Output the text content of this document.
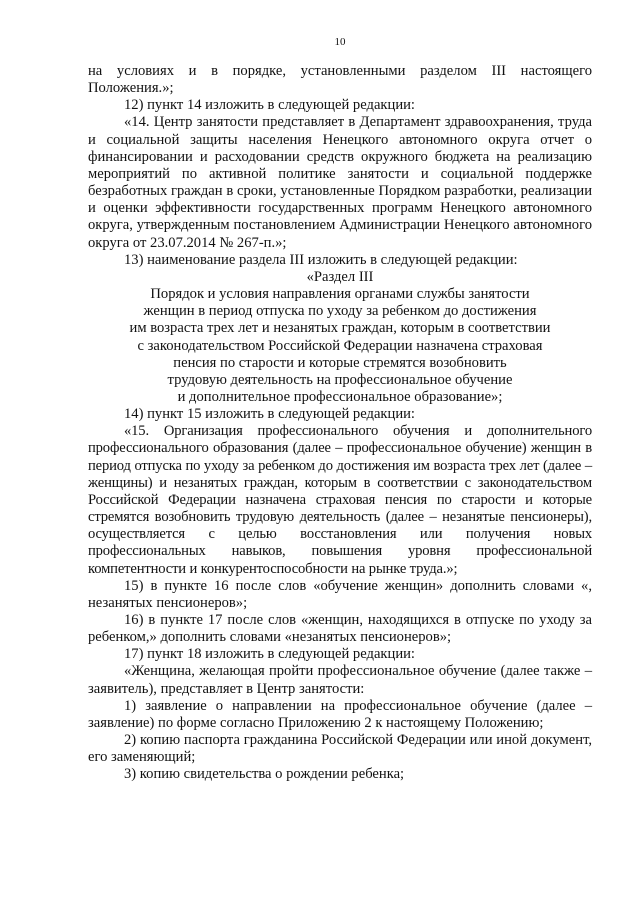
10

на условиях и в порядке, установленными разделом III настоящего Положения.»;

12) пункт 14 изложить в следующей редакции:

«14. Центр занятости представляет в Департамент здравоохранения, труда и социальной защиты населения Ненецкого автономного округа отчет о финансировании и расходовании средств окружного бюджета на реализацию мероприятий по активной политике занятости и социальной поддержке безработных граждан в сроки, установленные Порядком разработки, реализации и оценки эффективности государственных программ Ненецкого автономного округа, утвержденным постановлением Администрации Ненецкого автономного округа от 23.07.2014 № 267-п.»;

13) наименование раздела III изложить в следующей редакции:

«Раздел III

Порядок и условия направления органами службы занятости

женщин в период отпуска по уходу за ребенком до достижения

им возраста трех лет и незанятых граждан, которым в соответствии

с законодательством Российской Федерации назначена страховая

пенсия по старости и которые стремятся возобновить

трудовую деятельность на профессиональное обучение

и дополнительное профессиональное образование»;

14) пункт 15 изложить в следующей редакции:

«15. Организация профессионального обучения и дополнительного профессионального образования (далее – профессиональное обучение) женщин в период отпуска по уходу за ребенком до достижения им возраста трех лет (далее – женщины) и незанятых граждан, которым в соответствии с законодательством Российской Федерации назначена страховая пенсия по старости и которые стремятся возобновить трудовую деятельность (далее – незанятые пенсионеры), осуществляется с целью восстановления или получения новых профессиональных навыков, повышения уровня профессиональной компетентности и конкурентоспособности на рынке труда.»;

15) в пункте 16 после слов «обучение женщин» дополнить словами «, незанятых пенсионеров»;

16) в пункте 17 после слов «женщин, находящихся в отпуске по уходу за ребенком,» дополнить словами «незанятых пенсионеров»;

17) пункт 18 изложить в следующей редакции:

«Женщина, желающая пройти профессиональное обучение (далее также – заявитель), представляет в Центр занятости:

1) заявление о направлении на профессиональное обучение (далее – заявление) по форме согласно Приложению 2 к настоящему Положению;

2) копию паспорта гражданина Российской Федерации или иной документ, его заменяющий;

3) копию свидетельства о рождении ребенка;
